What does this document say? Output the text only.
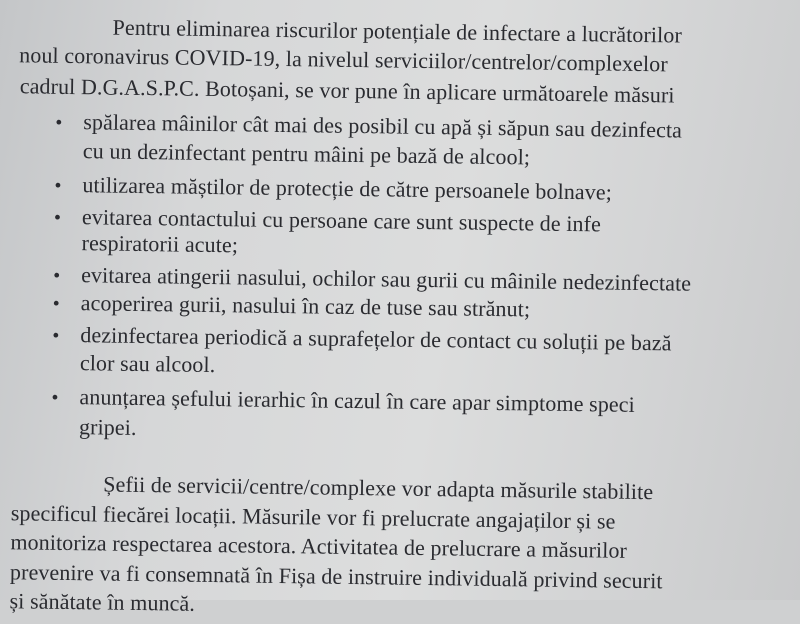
Pentru eliminarea riscurilor potențiale de infectare a lucrătorilor
noul coronavirus COVID-19, la nivelul serviciilor/centrelor/complexelor
cadrul D.G.A.S.P.C. Botoșani, se vor pune în aplicare următoarele măsuri
• spălarea mâinilor cât mai des posibil cu apă și săpun sau dezinfecta
cu un dezinfectant pentru mâini pe bază de alcool;
• utilizarea măștilor de protecție de către persoanele bolnave;
• evitarea contactului cu persoane care sunt suspecte de infe
respiratorii acute;
• evitarea atingerii nasului, ochilor sau gurii cu mâinile nedezinfectate
• acoperirea gurii, nasului în caz de tuse sau strănut;
• dezinfectarea periodică a suprafețelor de contact cu soluții pe bază
clor sau alcool.
• anunțarea șefului ierarhic în cazul în care apar simptome speci
gripei.
Șefii de servicii/centre/complexe vor adapta măsurile stabilite
specificul fiecărei locații. Măsurile vor fi prelucrate angajaților și se
monitoriza respectarea acestora. Activitatea de prelucrare a măsurilor
prevenire va fi consemnată în Fișa de instruire individuală privind securit
și sănătate în muncă.
